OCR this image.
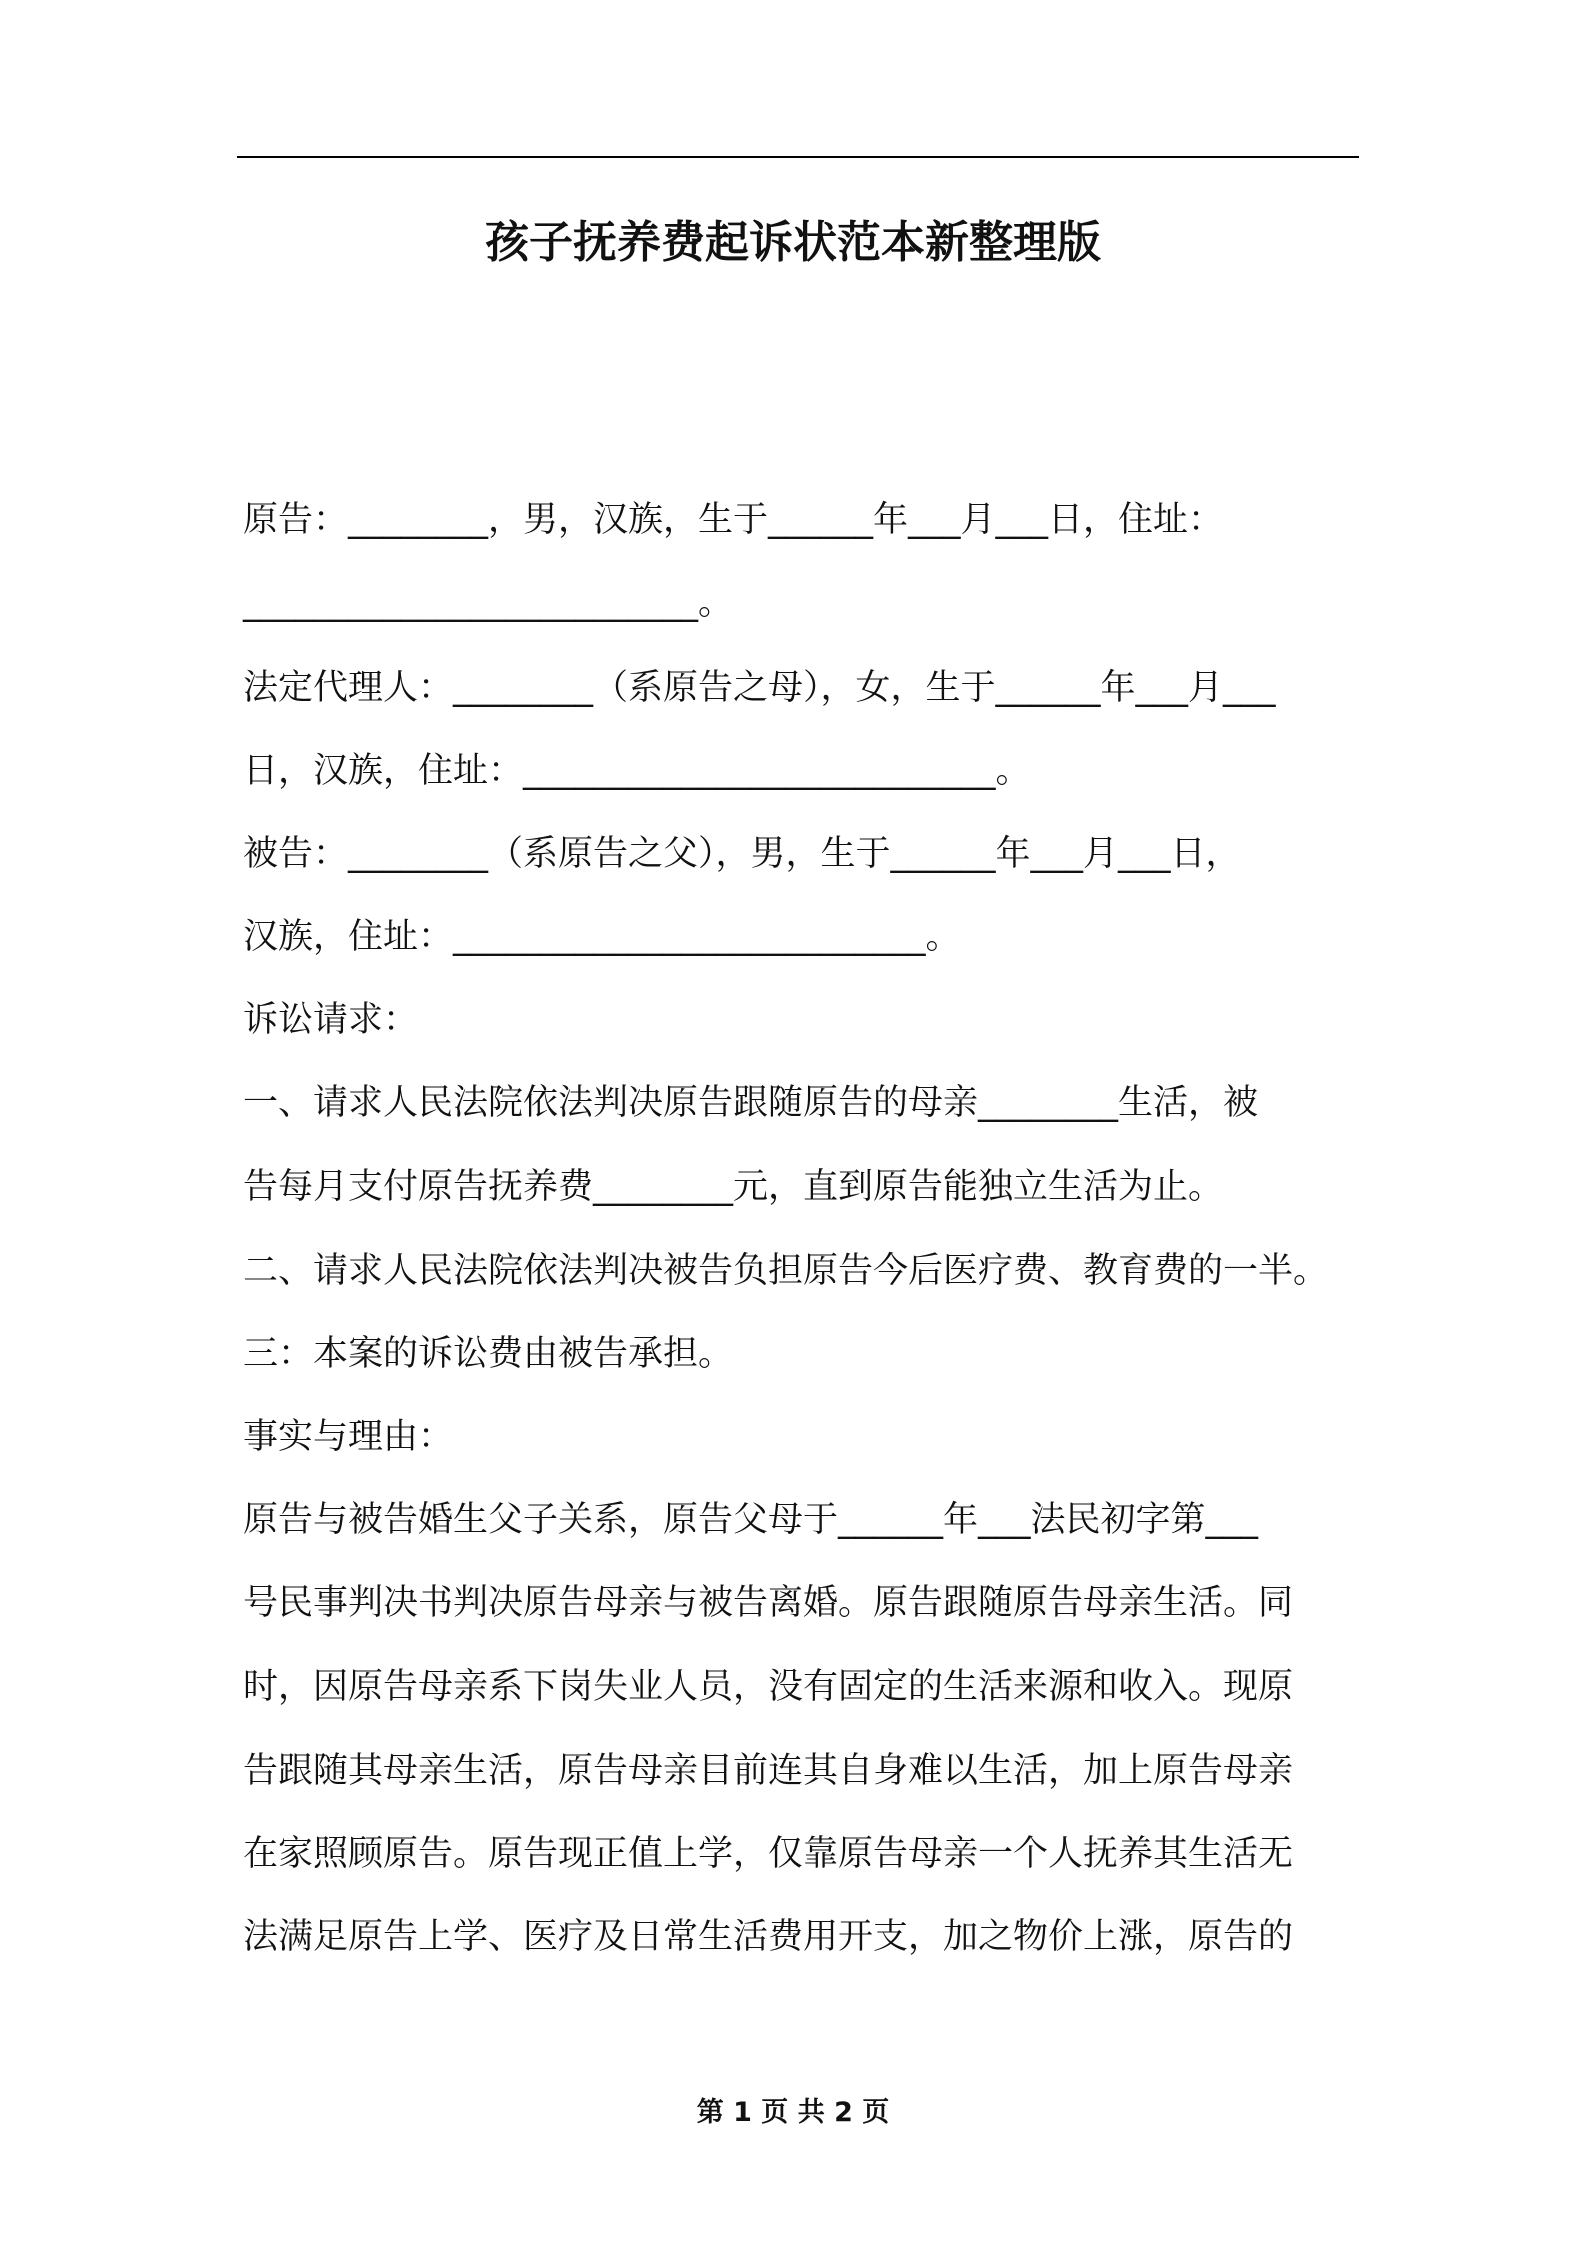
孩子抚养费起诉状范本新整理版
原告：________，男，汉族，生于______年___月___日，住址：
__________________________。
法定代理人：________（系原告之母），女，生于______年___月___
日，汉族，住址：___________________________。
被告：________（系原告之父），男，生于______年___月___日，
汉族，住址：___________________________。
诉讼请求：
一、请求人民法院依法判决原告跟随原告的母亲________生活，被
告每月支付原告抚养费________元，直到原告能独立生活为止。
二、请求人民法院依法判决被告负担原告今后医疗费、教育费的一半。
三：本案的诉讼费由被告承担。
事实与理由：
原告与被告婚生父子关系，原告父母于______年___法民初字第___
号民事判决书判决原告母亲与被告离婚。原告跟随原告母亲生活。同
时，因原告母亲系下岗失业人员，没有固定的生活来源和收入。现原
告跟随其母亲生活，原告母亲目前连其自身难以生活，加上原告母亲
在家照顾原告。原告现正值上学，仅靠原告母亲一个人抚养其生活无
法满足原告上学、医疗及日常生活费用开支，加之物价上涨，原告的
第 1 页 共 2 页
